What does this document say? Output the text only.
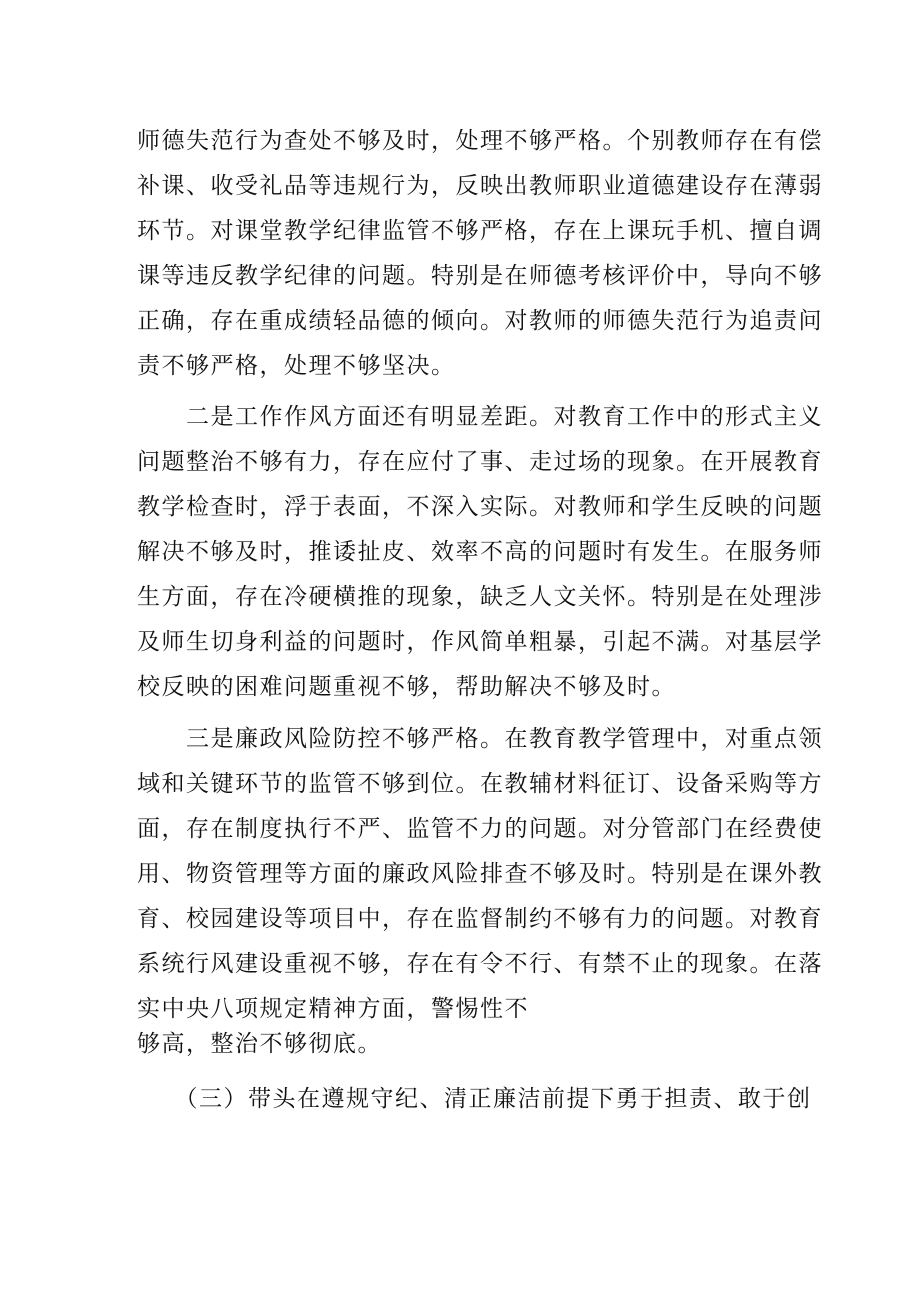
师德失范行为查处不够及时，处理不够严格。个别教师存在有偿

补课、收受礼品等违规行为，反映出教师职业道德建设存在薄弱

环节。对课堂教学纪律监管不够严格，存在上课玩手机、擅自调

课等违反教学纪律的问题。特别是在师德考核评价中，导向不够

正确，存在重成绩轻品德的倾向。对教师的师德失范行为追责问

责不够严格，处理不够坚决。

　　二是工作作风方面还有明显差距。对教育工作中的形式主义

问题整治不够有力，存在应付了事、走过场的现象。在开展教育

教学检查时，浮于表面，不深入实际。对教师和学生反映的问题

解决不够及时，推诿扯皮、效率不高的问题时有发生。在服务师

生方面，存在冷硬横推的现象，缺乏人文关怀。特别是在处理涉

及师生切身利益的问题时，作风简单粗暴，引起不满。对基层学

校反映的困难问题重视不够，帮助解决不够及时。

　　三是廉政风险防控不够严格。在教育教学管理中，对重点领

域和关键环节的监管不够到位。在教辅材料征订、设备采购等方

面，存在制度执行不严、监管不力的问题。对分管部门在经费使

用、物资管理等方面的廉政风险排查不够及时。特别是在课外教

育、校园建设等项目中，存在监督制约不够有力的问题。对教育

系统行风建设重视不够，存在有令不行、有禁不止的现象。在落

实中央八项规定精神方面，警惕性不

够高，整治不够彻底。

　　（三）带头在遵规守纪、清正廉洁前提下勇于担责、敢于创
